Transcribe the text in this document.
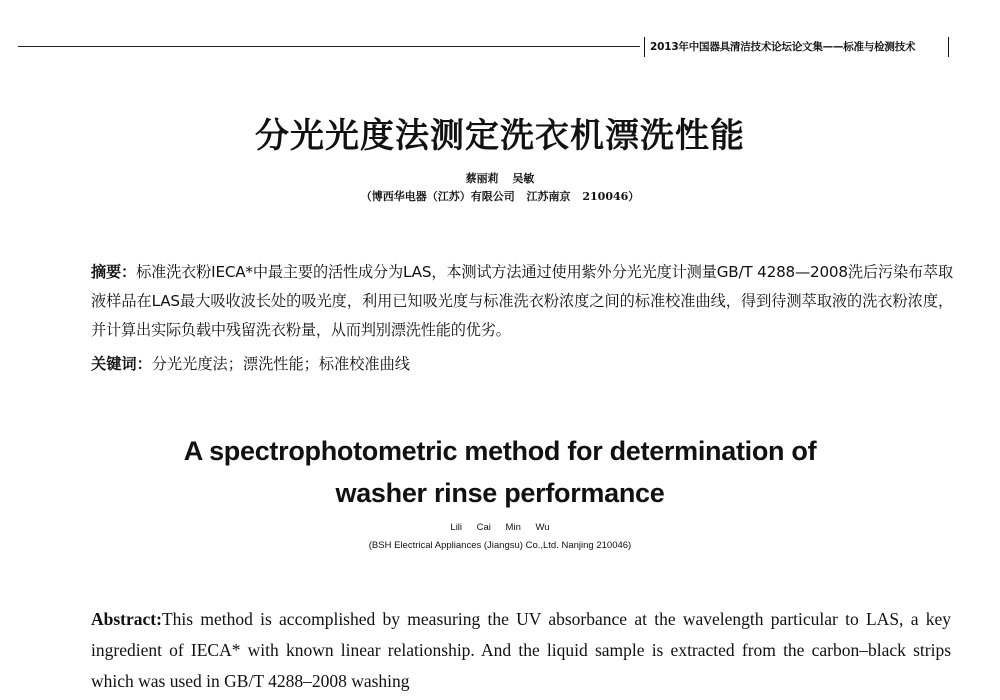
2013年中国器具清洁技术论坛论文集——标准与检测技术
分光光度法测定洗衣机漂洗性能
蔡丽莉 吴敏
（博西华电器（江苏）有限公司 江苏南京 210046）
摘要：标准洗衣粉IECA*中最主要的活性成分为LAS，本测试方法通过使用紫外分光光度计测量GB/T 4288—2008洗后污染布萃取液样品在LAS最大吸收波长处的吸光度，利用已知吸光度与标准洗衣粉浓度之间的标准校准曲线，得到待测萃取液的洗衣粉浓度，并计算出实际负载中残留洗衣粉量，从而判别漂洗性能的优劣。
关键词：分光光度法；漂洗性能；标准校准曲线
A spectrophotometric method for determination of
washer rinse performance
Lili Cai Min Wu
(BSH Electrical Appliances (Jiangsu) Co.,Ltd. Nanjing 210046)
Abstract:This method is accomplished by measuring the UV absorbance at the wavelength particular to LAS, a key ingredient of IECA* with known linear relationship. And the liquid sample is extracted from the carbon–black strips which was used in GB/T 4288–2008 washing
